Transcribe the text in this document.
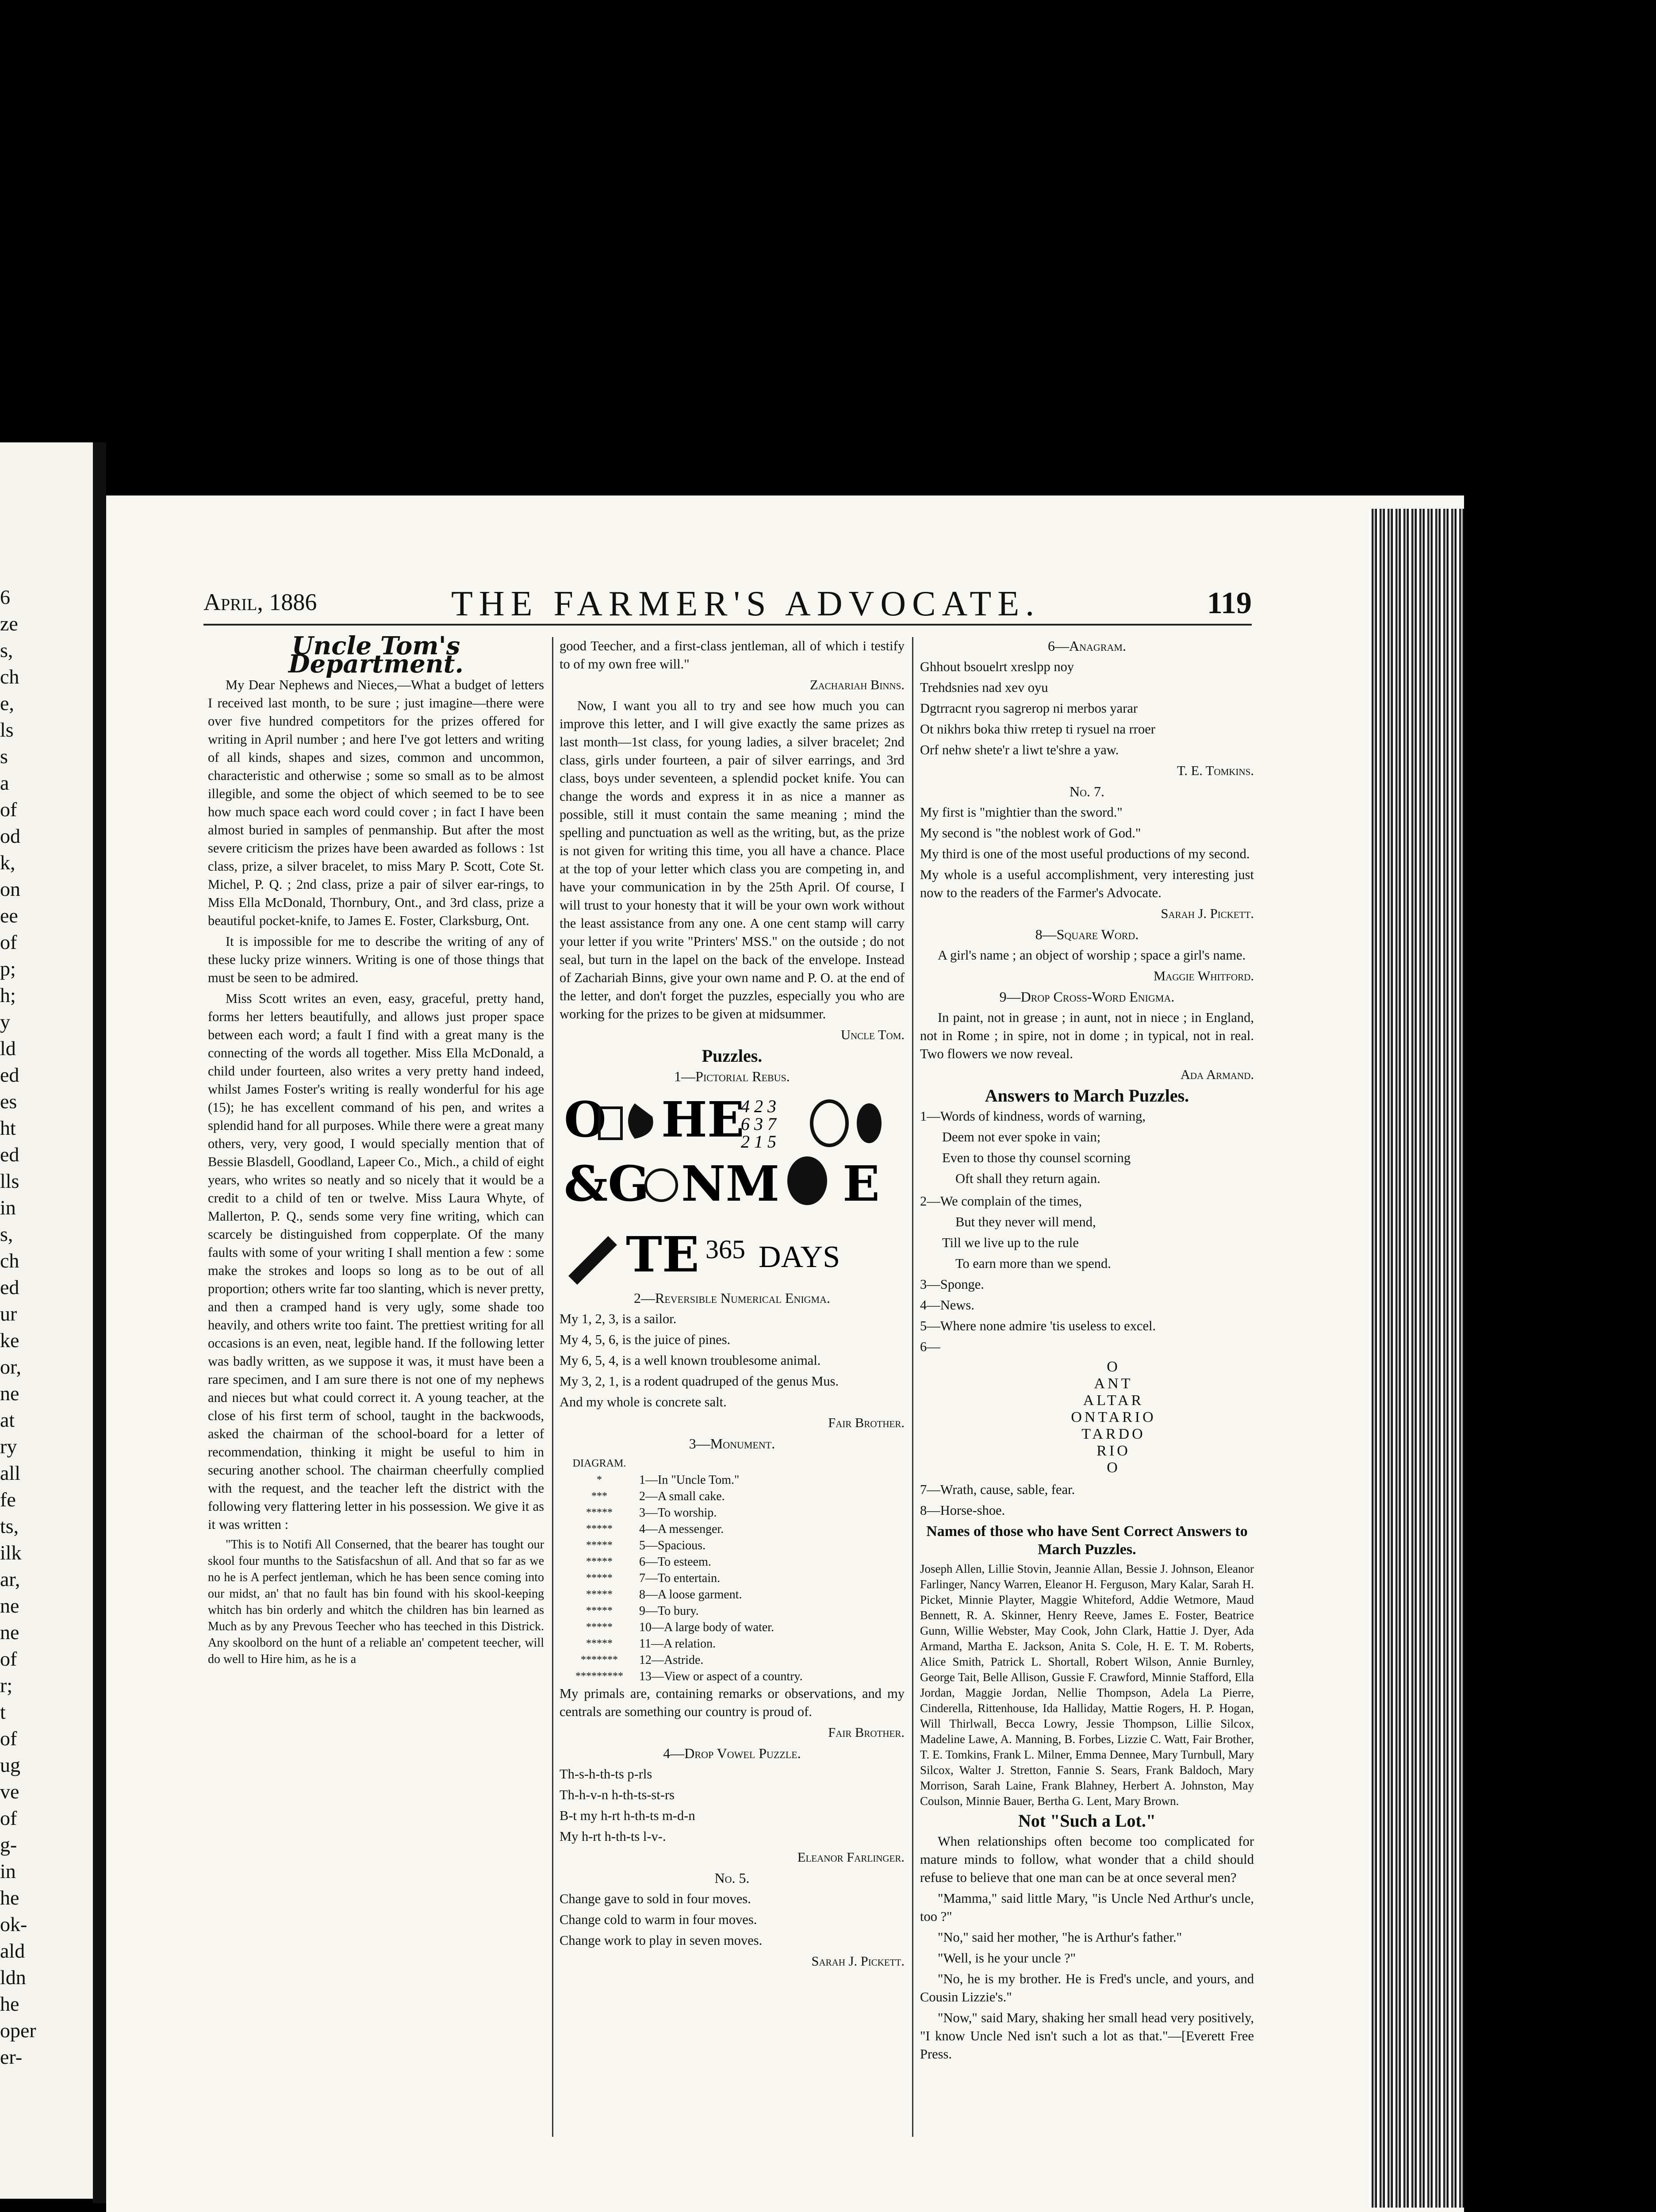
6
ze
s,
ch
e,
ls
s
a
of
od
k,
on
ee
of
p;
h;
y
ld
ed
es
ht
ed
lls
in
s,
ch
ed
ur
ke
or,
ne
at
ry
all
fe
ts,
ilk
ar,
ne
ne
of
r;
t
of
ug
ve
of
g-
in
he
ok-
ald
ldn
he
oper
er-
April, 1886	THE FARMER'S ADVOCATE.	119

Uncle Tom's Department.

My Dear Nephews and Nieces,—What a budget of letters I received last month, to be sure ; just imagine—there were over five hundred competitors for the prizes offered for writing in April number ; and here I've got letters and writing of all kinds, shapes and sizes, common and uncommon, characteristic and otherwise ; some so small as to be almost illegible, and some the object of which seemed to be to see how much space each word could cover ; in fact I have been almost buried in samples of penmanship. But after the most severe criticism the prizes have been awarded as follows : 1st class, prize, a silver bracelet, to miss Mary P. Scott, Cote St. Michel, P. Q. ; 2nd class, prize a pair of silver ear-rings, to Miss Ella McDonald, Thornbury, Ont., and 3rd class, prize a beautiful pocket-knife, to James E. Foster, Clarksburg, Ont.

It is impossible for me to describe the writing of any of these lucky prize winners. Writing is one of those things that must be seen to be admired.

Miss Scott writes an even, easy, graceful, pretty hand, forms her letters beautifully, and allows just proper space between each word; a fault I find with a great many is the connecting of the words all together. Miss Ella McDonald, a child under fourteen, also writes a very pretty hand indeed, whilst James Foster's writing is really wonderful for his age (15); he has excellent command of his pen, and writes a splendid hand for all purposes. While there were a great many others, very, very good, I would specially mention that of Bessie Blasdell, Goodland, Lapeer Co., Mich., a child of eight years, who writes so neatly and so nicely that it would be a credit to a child of ten or twelve. Miss Laura Whyte, of Mallerton, P. Q., sends some very fine writing, which can scarcely be distinguished from copperplate. Of the many faults with some of your writing I shall mention a few : some make the strokes and loops so long as to be out of all proportion; others write far too slanting, which is never pretty, and then a cramped hand is very ugly, some shade too heavily, and others write too faint. The prettiest writing for all occasions is an even, neat, legible hand. If the following letter was badly written, as we suppose it was, it must have been a rare specimen, and I am sure there is not one of my nephews and nieces but what could correct it. A young teacher, at the close of his first term of school, taught in the backwoods, asked the chairman of the school-board for a letter of recommendation, thinking it might be useful to him in securing another school. The chairman cheerfully complied with the request, and the teacher left the district with the following very flattering letter in his possession. We give it as it was written :

"This is to Notifi All Conserned, that the bearer has tought our skool four munths to the Satisfacshun of all. And that so far as we no he is A perfect jentleman, which he has been sence coming into our midst, an' that no fault has bin found with his skool-keeping whitch has bin orderly and whitch the children has bin learned as Much as by any Prevous Teecher who has teeched in this Districk. Any skoolbord on the hunt of a reliable an' competent teecher, will do well to Hire him, as he is a

good Teecher, and a first-class jentleman, all of which i testify to of my own free will."

Zachariah Binns.

Now, I want you all to try and see how much you can improve this letter, and I will give exactly the same prizes as last month—1st class, for young ladies, a silver bracelet; 2nd class, girls under fourteen, a pair of silver earrings, and 3rd class, boys under seventeen, a splendid pocket knife. You can change the words and express it in as nice a manner as possible, still it must contain the same meaning ; mind the spelling and punctuation as well as the writing, but, as the prize is not given for writing this time, you all have a chance. Place at the top of your letter which class you are competing in, and have your communication in by the 25th April. Of course, I will trust to your honesty that it will be your own work without the least assistance from any one. A one cent stamp will carry your letter if you write "Printers' MSS." on the outside ; do not seal, but turn in the lapel on the back of the envelope. Instead of Zachariah Binns, give your own name and P. O. at the end of the letter, and don't forget the puzzles, especially you who are working for the prizes to be given at midsummer.

Uncle Tom.

Puzzles.

1—Pictorial Rebus.

O HE
4 2 3
6 3 7
2 1 5
&G NM E
TE 365 DAYS

2—Reversible Numerical Enigma.

My 1, 2, 3, is a sailor.

My 4, 5, 6, is the juice of pines.

My 6, 5, 4, is a well known troublesome animal.

My 3, 2, 1, is a rodent quadruped of the genus Mus.

And my whole is concrete salt.

Fair Brother.

3—Monument.

DIAGRAM.
*	1—In "Uncle Tom."
***	2—A small cake.
*****	3—To worship.
*****	4—A messenger.
*****	5—Spacious.
*****	6—To esteem.
*****	7—To entertain.
*****	8—A loose garment.
*****	9—To bury.
*****	10—A large body of water.
*****	11—A relation.
*******	12—Astride.
*********	13—View or aspect of a country.

My primals are, containing remarks or observations, and my centrals are something our country is proud of.

Fair Brother.

4—Drop Vowel Puzzle.

Th-s-h-th-ts p-rls

Th-h-v-n h-th-ts-st-rs

B-t my h-rt h-th-ts m-d-n

My h-rt h-th-ts l-v-.

Eleanor Farlinger.

No. 5.

Change gave to sold in four moves.

Change cold to warm in four moves.

Change work to play in seven moves.

Sarah J. Pickett.

6—Anagram.

Ghhout bsouelrt xreslpp noy

Trehdsnies nad xev oyu

Dgtrracnt ryou sagrerop ni merbos yarar

Ot nikhrs boka thiw rretep ti rysuel na rroer

Orf nehw shete'r a liwt te'shre a yaw.

T. E. Tomkins.

No. 7.

My first is "mightier than the sword."

My second is "the noblest work of God."

My third is one of the most useful productions of my second.

My whole is a useful accomplishment, very interesting just now to the readers of the Farmer's Advocate.

Sarah J. Pickett.

8—Square Word.

A girl's name ; an object of worship ; space a girl's name.

Maggie Whitford.

9—Drop Cross-Word Enigma.

In paint, not in grease ; in aunt, not in niece ; in England, not in Rome ; in spire, not in dome ; in typical, not in real. Two flowers we now reveal.

Ada Armand.

Answers to March Puzzles.

1—Words of kindness, words of warning,

Deem not ever spoke in vain;

Even to those thy counsel scorning

Oft shall they return again.

2—We complain of the times,

But they never will mend,

Till we live up to the rule

To earn more than we spend.

3—Sponge.

4—News.

5—Where none admire 'tis useless to excel.

6—

O
ANT
ALTAR
ONTARIO
TARDO
RIO
O

7—Wrath, cause, sable, fear.

8—Horse-shoe.

Names of those who have Sent Correct Answers to March Puzzles.

Joseph Allen, Lillie Stovin, Jeannie Allan, Bessie J. Johnson, Eleanor Farlinger, Nancy Warren, Eleanor H. Ferguson, Mary Kalar, Sarah H. Picket, Minnie Playter, Maggie Whiteford, Addie Wetmore, Maud Bennett, R. A. Skinner, Henry Reeve, James E. Foster, Beatrice Gunn, Willie Webster, May Cook, John Clark, Hattie J. Dyer, Ada Armand, Martha E. Jackson, Anita S. Cole, H. E. T. M. Roberts, Alice Smith, Patrick L. Shortall, Robert Wilson, Annie Burnley, George Tait, Belle Allison, Gussie F. Crawford, Minnie Stafford, Ella Jordan, Maggie Jordan, Nellie Thompson, Adela La Pierre, Cinderella, Rittenhouse, Ida Halliday, Mattie Rogers, H. P. Hogan, Will Thirlwall, Becca Lowry, Jessie Thompson, Lillie Silcox, Madeline Lawe, A. Manning, B. Forbes, Lizzie C. Watt, Fair Brother, T. E. Tomkins, Frank L. Milner, Emma Dennee, Mary Turnbull, Mary Silcox, Walter J. Stretton, Fannie S. Sears, Frank Baldoch, Mary Morrison, Sarah Laine, Frank Blahney, Herbert A. Johnston, May Coulson, Minnie Bauer, Bertha G. Lent, Mary Brown.

Not "Such a Lot."

When relationships often become too complicated for mature minds to follow, what wonder that a child should refuse to believe that one man can be at once several men?

"Mamma," said little Mary, "is Uncle Ned Arthur's uncle, too ?"

"No," said her mother, "he is Arthur's father."

"Well, is he your uncle ?"

"No, he is my brother. He is Fred's uncle, and yours, and Cousin Lizzie's."

"Now," said Mary, shaking her small head very positively, "I know Uncle Ned isn't such a lot as that."—[Everett Free Press.
